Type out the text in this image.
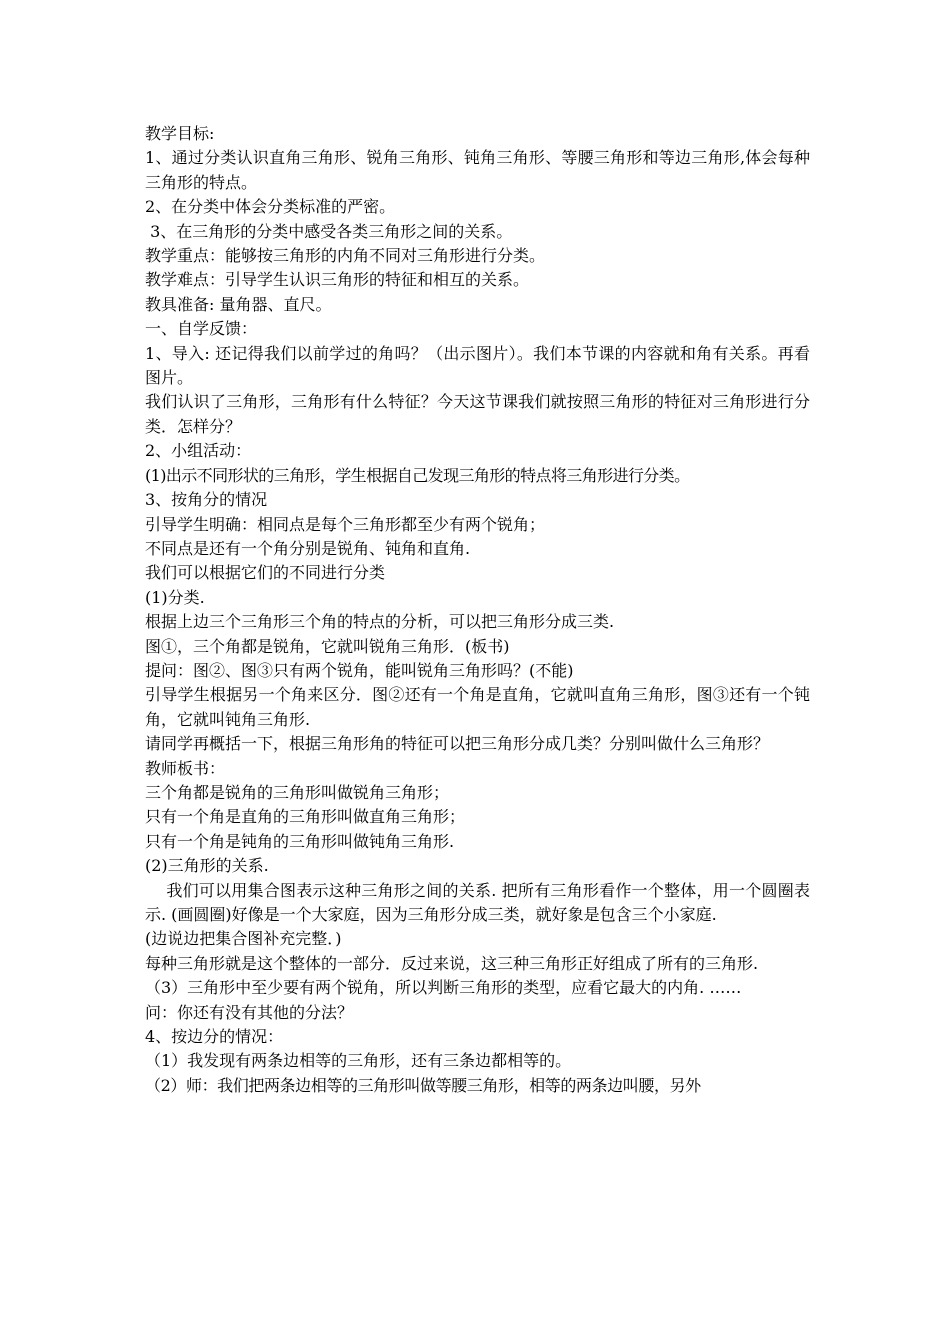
教学目标:

1、通过分类认识直角三角形、锐角三角形、钝角三角形、等腰三角形和等边三角形,体会每种三角形的特点。

2、在分类中体会分类标准的严密。

3、在三角形的分类中感受各类三角形之间的关系。

教学重点：能够按三角形的内角不同对三角形进行分类。

教学难点：引导学生认识三角形的特征和相互的关系。

教具准备: 量角器、直尺。

一、自学反馈：

1、导入: 还记得我们以前学过的角吗？（出示图片）。我们本节课的内容就和角有关系。再看图片。

我们认识了三角形，三角形有什么特征？今天这节课我们就按照三角形的特征对三角形进行分类．怎样分？

2、小组活动：

(1)出示不同形状的三角形，学生根据自己发现三角形的特点将三角形进行分类。

3、按角分的情况

引导学生明确：相同点是每个三角形都至少有两个锐角；

不同点是还有一个角分别是锐角、钝角和直角.

我们可以根据它们的不同进行分类

(1)分类.

根据上边三个三角形三个角的特点的分析，可以把三角形分成三类.

图①，三个角都是锐角，它就叫锐角三角形．(板书)

提问：图②、图③只有两个锐角，能叫锐角三角形吗？(不能)

引导学生根据另一个角来区分．图②还有一个角是直角，它就叫直角三角形，图③还有一个钝角，它就叫钝角三角形.

请同学再概括一下，根据三角形角的特征可以把三角形分成几类？分别叫做什么三角形？

教师板书：

三个角都是锐角的三角形叫做锐角三角形；

只有一个角是直角的三角形叫做直角三角形；

只有一个角是钝角的三角形叫做钝角三角形.

(2)三角形的关系.

我们可以用集合图表示这种三角形之间的关系. 把所有三角形看作一个整体，用一个圆圈表示. (画圆圈)好像是一个大家庭，因为三角形分成三类，就好象是包含三个小家庭.

(边说边把集合图补充完整．)

每种三角形就是这个整体的一部分．反过来说，这三种三角形正好组成了所有的三角形.

（3）三角形中至少要有两个锐角，所以判断三角形的类型，应看它最大的内角. ……

问：你还有没有其他的分法？

4、按边分的情况：

（1）我发现有两条边相等的三角形，还有三条边都相等的。

（2）师：我们把两条边相等的三角形叫做等腰三角形，相等的两条边叫腰，另外
